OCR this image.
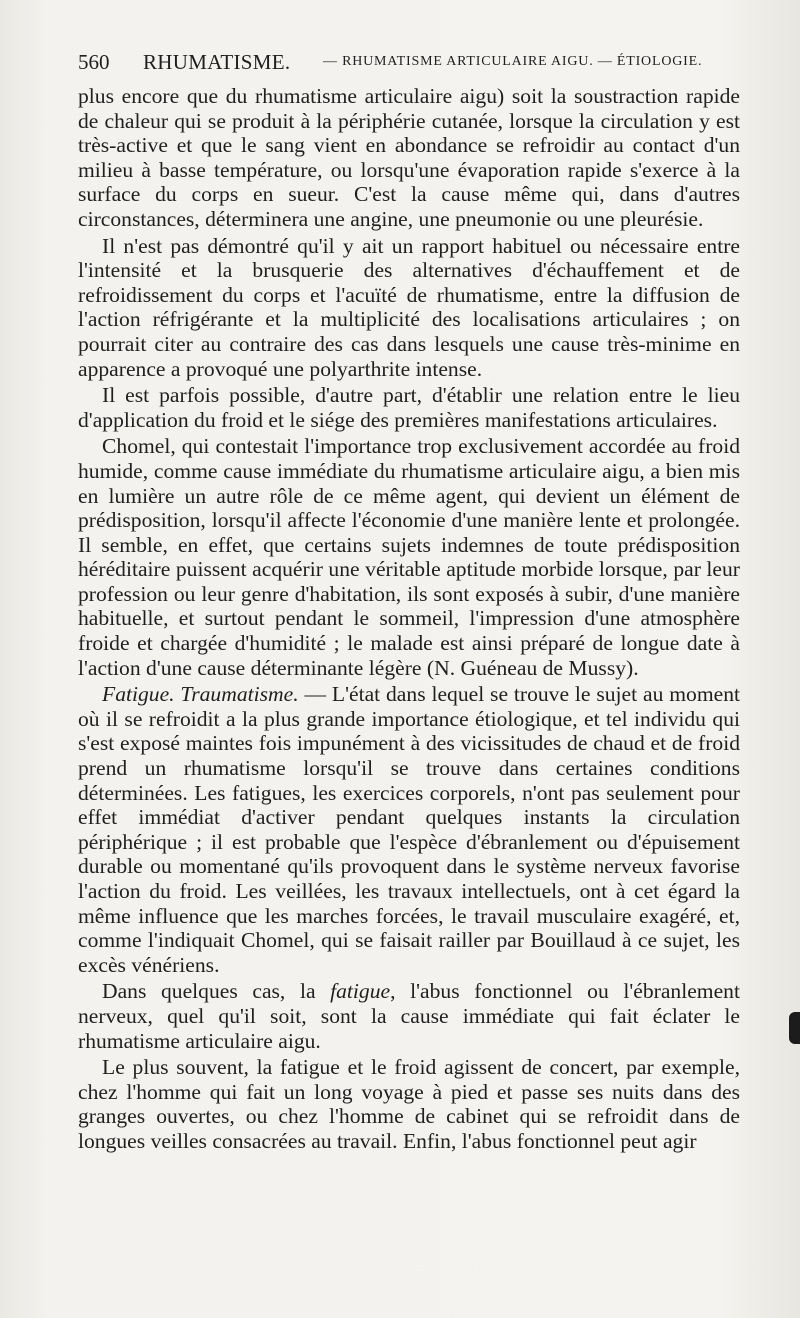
560 RHUMATISME. — RHUMATISME ARTICULAIRE AIGU. — ÉTIOLOGIE.

plus encore que du rhumatisme articulaire aigu) soit la soustraction rapide de chaleur qui se produit à la périphérie cutanée, lorsque la circulation y est très-active et que le sang vient en abondance se refroidir au contact d'un milieu à basse température, ou lorsqu'une évaporation rapide s'exerce à la surface du corps en sueur. C'est la cause même qui, dans d'autres circonstances, déterminera une angine, une pneumonie ou une pleurésie.

Il n'est pas démontré qu'il y ait un rapport habituel ou nécessaire entre l'intensité et la brusquerie des alternatives d'échauffement et de refroidissement du corps et l'acuïté de rhumatisme, entre la diffusion de l'action réfrigérante et la multiplicité des localisations articulaires ; on pourrait citer au contraire des cas dans lesquels une cause très-minime en apparence a provoqué une polyarthrite intense.

Il est parfois possible, d'autre part, d'établir une relation entre le lieu d'application du froid et le siége des premières manifestations articulaires.

Chomel, qui contestait l'importance trop exclusivement accordée au froid humide, comme cause immédiate du rhumatisme articulaire aigu, a bien mis en lumière un autre rôle de ce même agent, qui devient un élément de prédisposition, lorsqu'il affecte l'économie d'une manière lente et prolongée. Il semble, en effet, que certains sujets indemnes de toute prédisposition héréditaire puissent acquérir une véritable aptitude morbide lorsque, par leur profession ou leur genre d'habitation, ils sont exposés à subir, d'une manière habituelle, et surtout pendant le sommeil, l'impression d'une atmosphère froide et chargée d'humidité ; le malade est ainsi préparé de longue date à l'action d'une cause déterminante légère (N. Guéneau de Mussy).

Fatigue. Traumatisme. — L'état dans lequel se trouve le sujet au moment où il se refroidit a la plus grande importance étiologique, et tel individu qui s'est exposé maintes fois impunément à des vicissitudes de chaud et de froid prend un rhumatisme lorsqu'il se trouve dans certaines conditions déterminées. Les fatigues, les exercices corporels, n'ont pas seulement pour effet immédiat d'activer pendant quelques instants la circulation périphérique ; il est probable que l'espèce d'ébranlement ou d'épuisement durable ou momentané qu'ils provoquent dans le système nerveux favorise l'action du froid. Les veillées, les travaux intellectuels, ont à cet égard la même influence que les marches forcées, le travail musculaire exagéré, et, comme l'indiquait Chomel, qui se faisait railler par Bouillaud à ce sujet, les excès vénériens.

Dans quelques cas, la fatigue, l'abus fonctionnel ou l'ébranlement nerveux, quel qu'il soit, sont la cause immédiate qui fait éclater le rhumatisme articulaire aigu.

Le plus souvent, la fatigue et le froid agissent de concert, par exemple, chez l'homme qui fait un long voyage à pied et passe ses nuits dans des granges ouvertes, ou chez l'homme de cabinet qui se refroidit dans de longues veilles consacrées au travail. Enfin, l'abus fonctionnel peut agir
